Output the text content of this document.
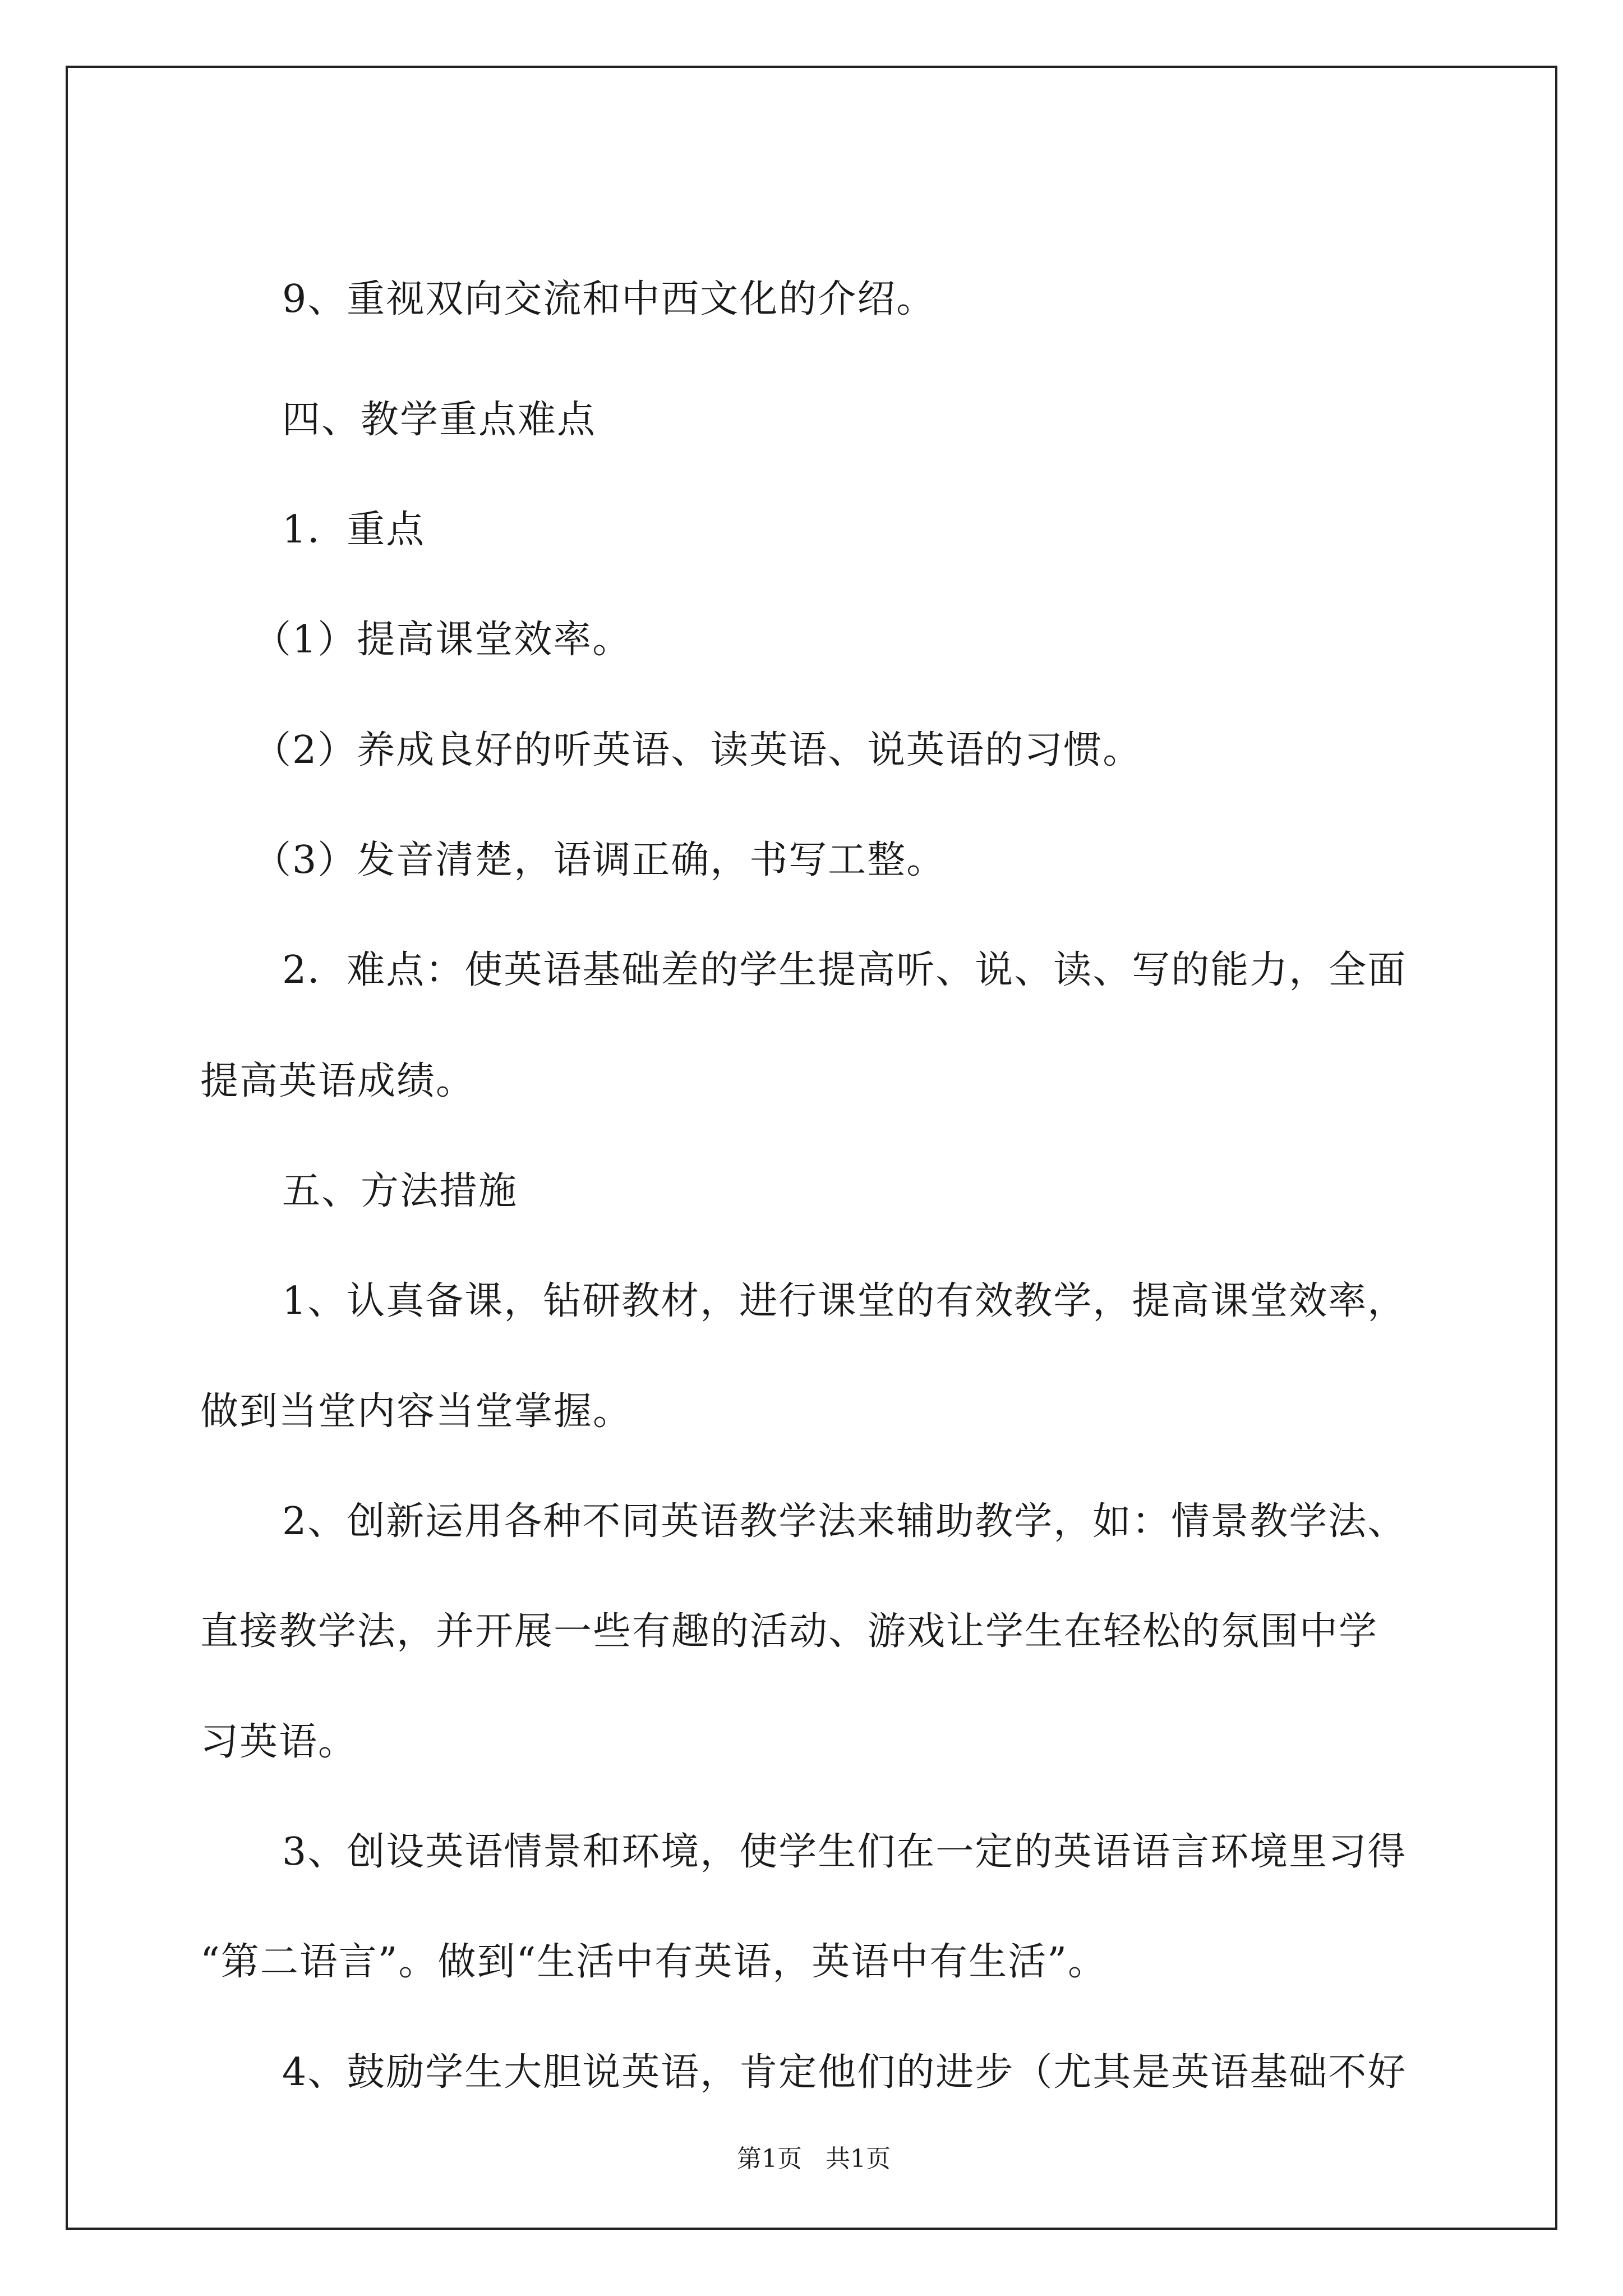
9、重视双向交流和中西文化的介绍。
四、教学重点难点
1．重点
（1）提高课堂效率。
（2）养成良好的听英语、读英语、说英语的习惯。
（3）发音清楚，语调正确，书写工整。
2．难点：使英语基础差的学生提高听、说、读、写的能力，全面
提高英语成绩。
五、方法措施
1、认真备课，钻研教材，进行课堂的有效教学，提高课堂效率，
做到当堂内容当堂掌握。
2、创新运用各种不同英语教学法来辅助教学，如：情景教学法、
直接教学法，并开展一些有趣的活动、游戏让学生在轻松的氛围中学
习英语。
3、创设英语情景和环境，使学生们在一定的英语语言环境里习得
“第二语言”。做到“生活中有英语，英语中有生活”。
4、鼓励学生大胆说英语，肯定他们的进步（尤其是英语基础不好
第1页   共1页
